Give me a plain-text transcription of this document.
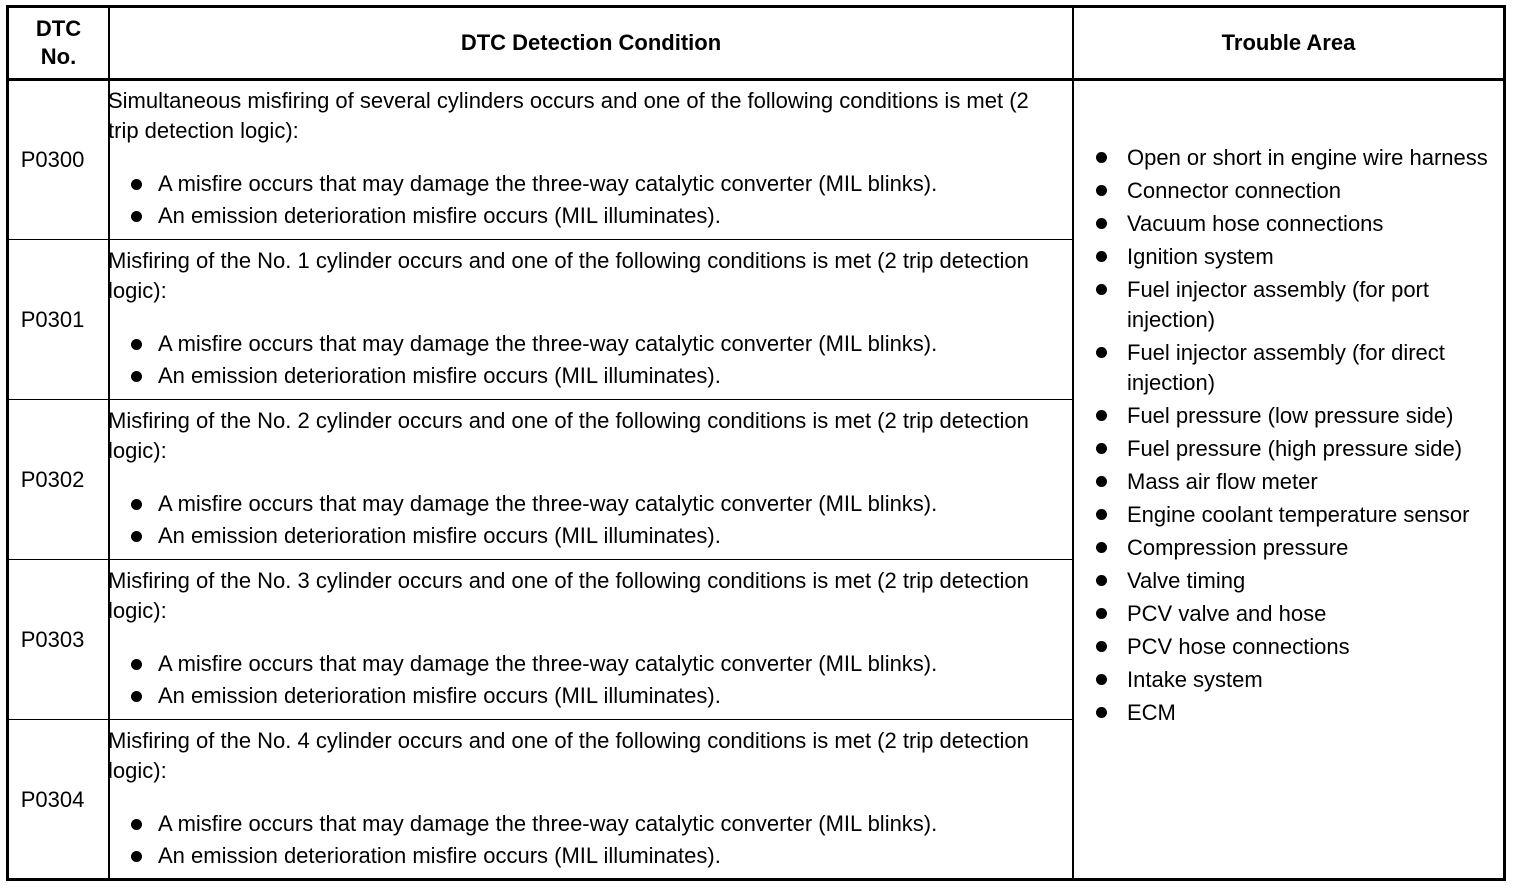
DTC
No.
DTC Detection Condition	Trouble Area
P0300
P0301
P0302
P0303
P0304

Simultaneous misfiring of several cylinders occurs and one of the following conditions is met (2 trip detection logic):

A misfire occurs that may damage the three-way catalytic converter (MIL blinks).
An emission deterioration misfire occurs (MIL illuminates).

Misfiring of the No. 1 cylinder occurs and one of the following conditions is met (2 trip detection logic):

A misfire occurs that may damage the three-way catalytic converter (MIL blinks).
An emission deterioration misfire occurs (MIL illuminates).

Misfiring of the No. 2 cylinder occurs and one of the following conditions is met (2 trip detection logic):

A misfire occurs that may damage the three-way catalytic converter (MIL blinks).
An emission deterioration misfire occurs (MIL illuminates).

Misfiring of the No. 3 cylinder occurs and one of the following conditions is met (2 trip detection logic):

A misfire occurs that may damage the three-way catalytic converter (MIL blinks).
An emission deterioration misfire occurs (MIL illuminates).

Misfiring of the No. 4 cylinder occurs and one of the following conditions is met (2 trip detection logic):

A misfire occurs that may damage the three-way catalytic converter (MIL blinks).
An emission deterioration misfire occurs (MIL illuminates).
Open or short in engine wire harness
Connector connection
Vacuum hose connections
Ignition system
Fuel injector assembly (for port injection)
Fuel injector assembly (for direct injection)
Fuel pressure (low pressure side)
Fuel pressure (high pressure side)
Mass air flow meter
Engine coolant temperature sensor
Compression pressure
Valve timing
PCV valve and hose
PCV hose connections
Intake system
ECM
